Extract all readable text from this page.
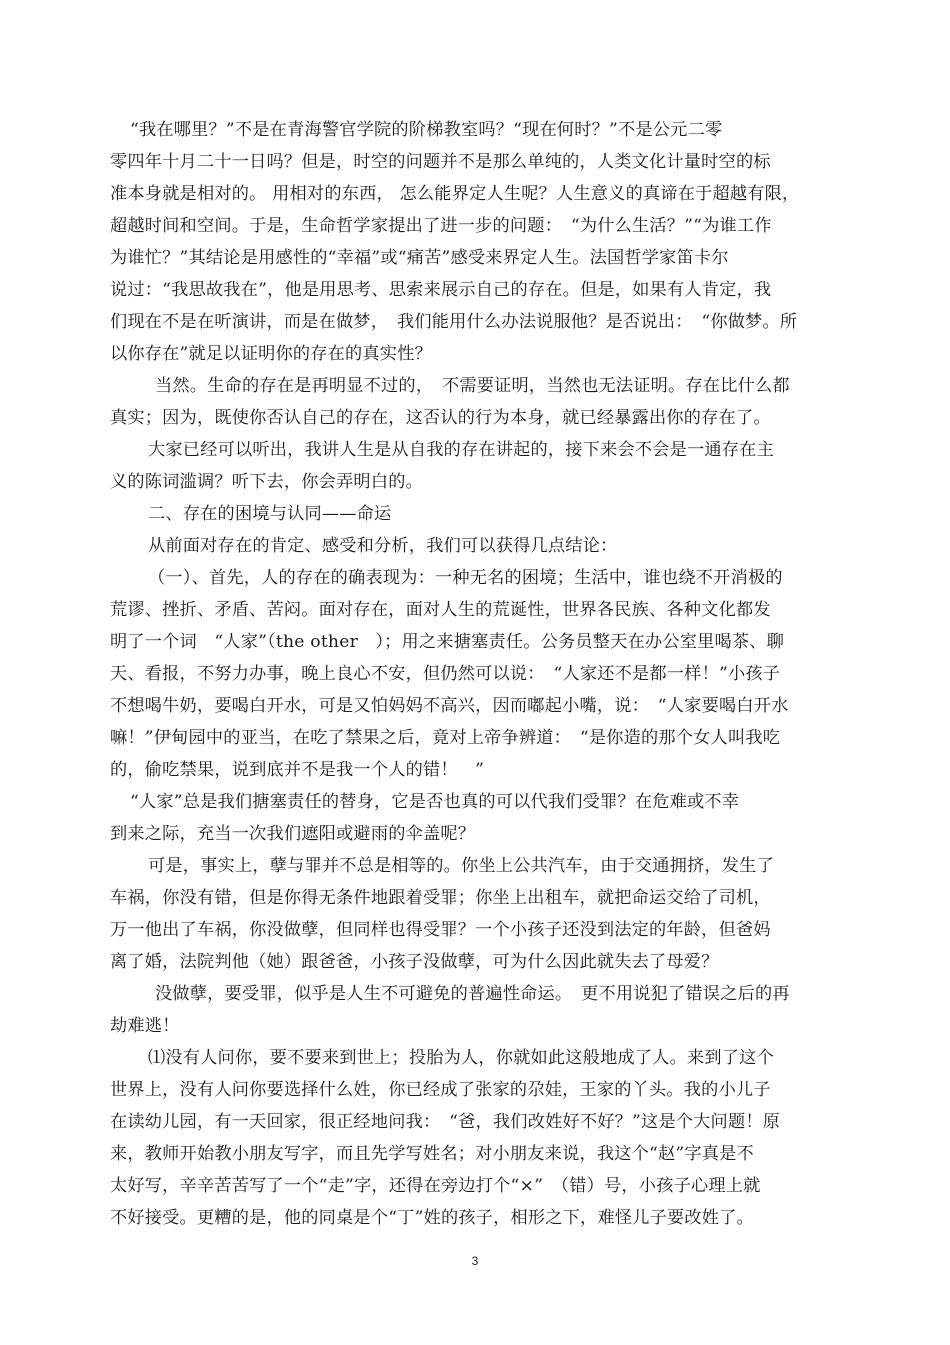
“我在哪里？”不是在青海警官学院的阶梯教室吗？“现在何时？”不是公元二零
零四年十月二十一日吗？但是，时空的问题并不是那么单纯的，人类文化计量时空的标
准本身就是相对的。 用相对的东西， 怎么能界定人生呢？人生意义的真谛在于超越有限，
超越时间和空间。于是，生命哲学家提出了进一步的问题：　“为什么生活？”“为谁工作
为谁忙？”其结论是用感性的“幸福”或“痛苦”感受来界定人生。法国哲学家笛卡尔
说过：“我思故我在”，他是用思考、思索来展示自己的存在。但是，如果有人肯定，我
们现在不是在听演讲，而是在做梦，　我们能用什么办法说服他？是否说出：　“你做梦。所
以你存在”就足以证明你的存在的真实性？
当然。生命的存在是再明显不过的，　不需要证明，当然也无法证明。存在比什么都
真实；因为，既使你否认自己的存在，这否认的行为本身，就已经暴露出你的存在了。
大家已经可以听出，我讲人生是从自我的存在讲起的，接下来会不会是一通存在主
义的陈词滥调？听下去，你会弄明白的。
二、存在的困境与认同——命运
从前面对存在的肯定、感受和分析，我们可以获得几点结论：
（一）、首先，人的存在的确表现为：一种无名的困境；生活中，谁也绕不开消极的
荒谬、挫折、矛盾、苦闷。面对存在，面对人生的荒诞性，世界各民族、各种文化都发
明了一个词　“人家”（the other　）；用之来搪塞责任。公务员整天在办公室里喝茶、聊
天、看报，不努力办事，晚上良心不安，但仍然可以说：　“人家还不是都一样！”小孩子
不想喝牛奶，要喝白开水，可是又怕妈妈不高兴，因而嘟起小嘴，说：　“人家要喝白开水
嘛！”伊甸园中的亚当，在吃了禁果之后，竟对上帝争辨道：　“是你造的那个女人叫我吃
的，偷吃禁果，说到底并不是我一个人的错！　”
“人家”总是我们搪塞责任的替身，它是否也真的可以代我们受罪？在危难或不幸
到来之际，充当一次我们遮阳或避雨的伞盖呢？
可是，事实上，孽与罪并不总是相等的。你坐上公共汽车，由于交通拥挤，发生了
车祸，你没有错，但是你得无条件地跟着受罪；你坐上出租车，就把命运交给了司机，
万一他出了车祸，你没做孽，但同样也得受罪？一个小孩子还没到法定的年龄，但爸妈
离了婚，法院判他（她）跟爸爸，小孩子没做孽，可为什么因此就失去了母爱？
没做孽，要受罪，似乎是人生不可避免的普遍性命运。　更不用说犯了错误之后的再
劫难逃！
⑴没有人问你，要不要来到世上；投胎为人，你就如此这般地成了人。来到了这个
世界上，没有人问你要选择什么姓，你已经成了张家的尕娃，王家的丫头。我的小儿子
在读幼儿园，有一天回家，很正经地问我：　“爸，我们改姓好不好？”这是个大问题！原
来，教师开始教小朋友写字，而且先学写姓名；对小朋友来说，我这个“赵”字真是不
太好写，辛辛苦苦写了一个“走”字，还得在旁边打个“×”　（错）号，小孩子心理上就
不好接受。更糟的是，他的同桌是个“丁”姓的孩子，相形之下，难怪儿子要改姓了。
3
